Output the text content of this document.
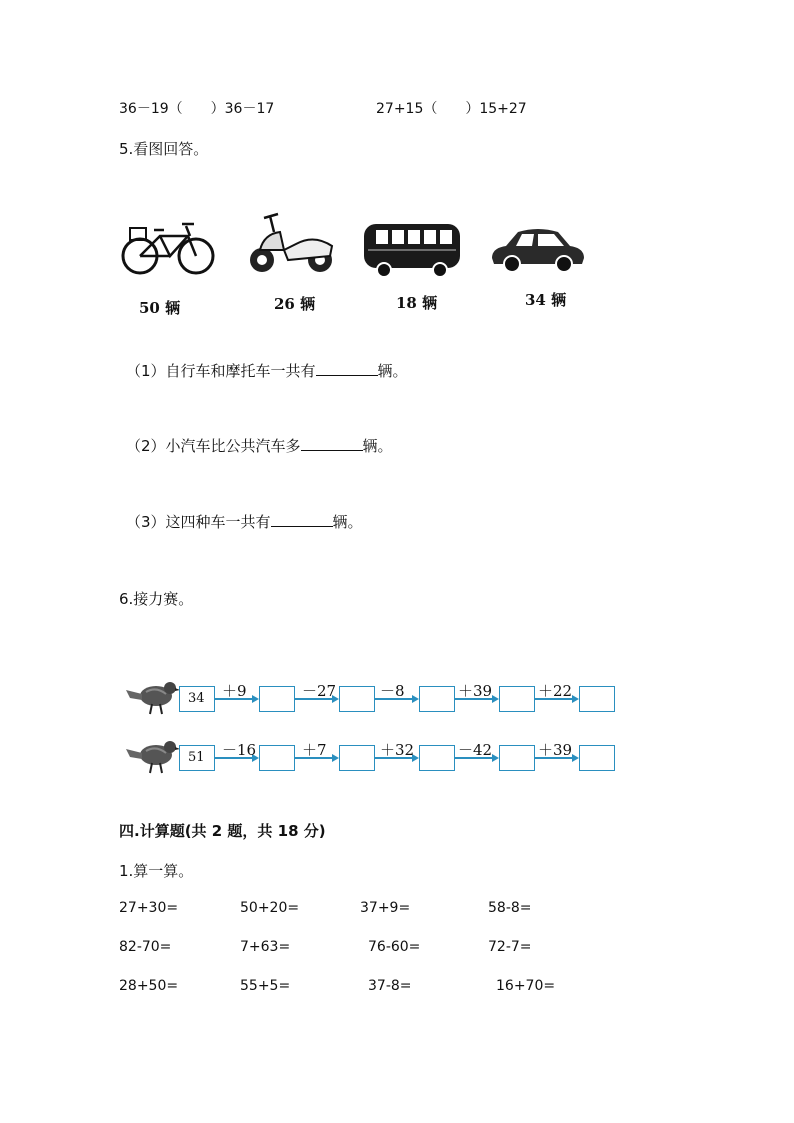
36－19（　　）36－17	27+15（　　）15+27
5.看图回答。
50 辆	26 辆	18 辆	34 辆
（1）自行车和摩托车一共有	辆。
（2）小汽车比公共汽车多	辆。
（3）这四种车一共有	辆。
6.接力赛。
34	＋9	－27	－8	＋39	＋22
51	－16	＋7	＋32	－42	＋39
四.计算题(共 2 题，共 18 分)
1.算一算。
27+30=	50+20=	37+9=	58-8=
82-70=	7+63=	76-60=	72-7=
28+50=	55+5=	37-8=	16+70=
